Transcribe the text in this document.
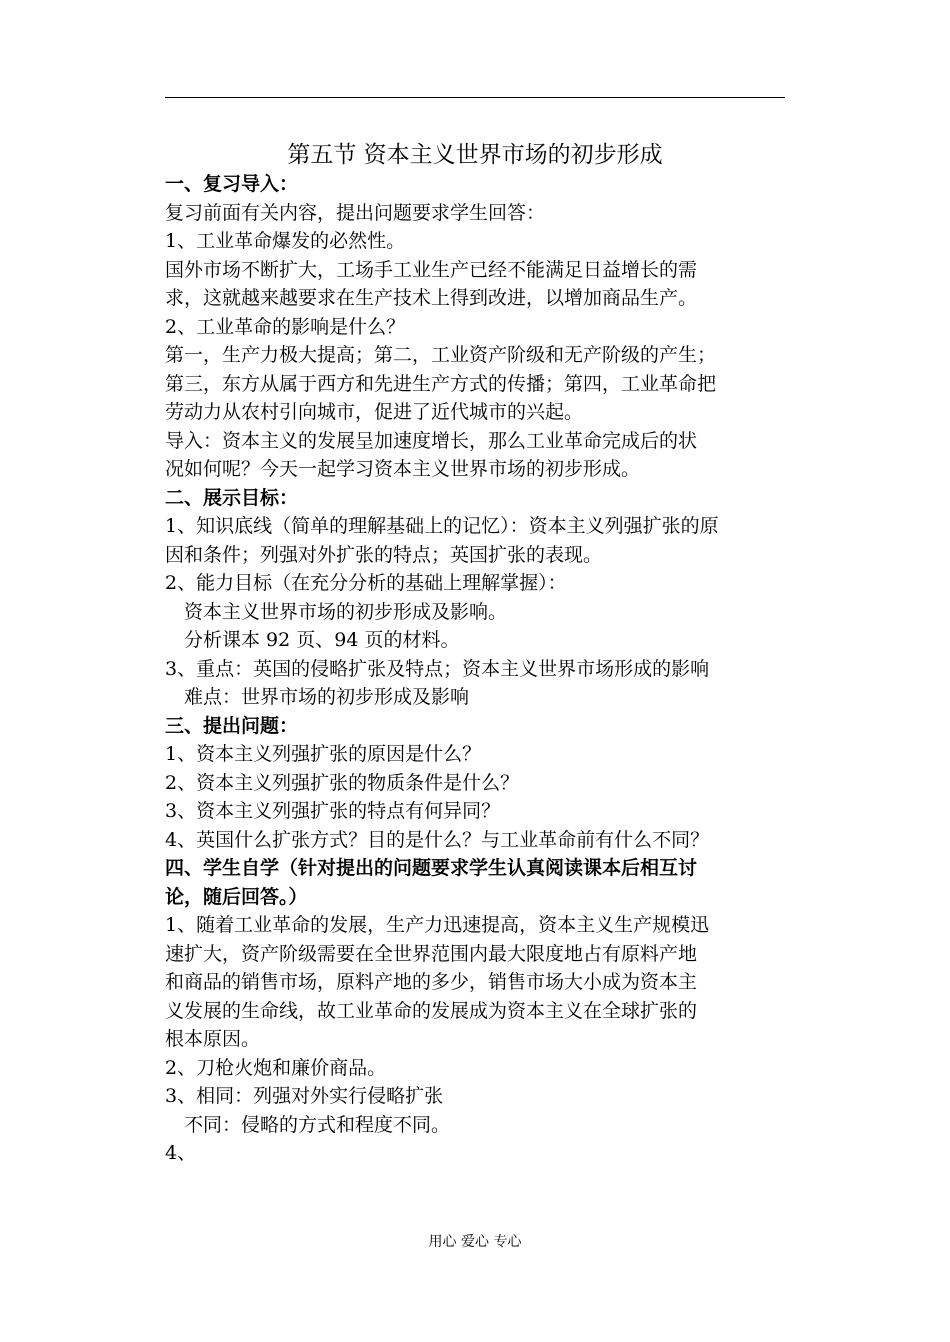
第五节 资本主义世界市场的初步形成

一、复习导入：

复习前面有关内容，提出问题要求学生回答：

1、工业革命爆发的必然性。

国外市场不断扩大，工场手工业生产已经不能满足日益增长的需

求，这就越来越要求在生产技术上得到改进，以增加商品生产。

2、工业革命的影响是什么？

第一，生产力极大提高；第二，工业资产阶级和无产阶级的产生；

第三，东方从属于西方和先进生产方式的传播；第四，工业革命把

劳动力从农村引向城市，促进了近代城市的兴起。

导入：资本主义的发展呈加速度增长，那么工业革命完成后的状

况如何呢？今天一起学习资本主义世界市场的初步形成。

二、展示目标：

1、知识底线（简单的理解基础上的记忆）：资本主义列强扩张的原

因和条件；列强对外扩张的特点；英国扩张的表现。

2、能力目标（在充分分析的基础上理解掌握）：

资本主义世界市场的初步形成及影响。

分析课本 92 页、94 页的材料。

3、重点：英国的侵略扩张及特点；资本主义世界市场形成的影响

难点：世界市场的初步形成及影响

三、提出问题：

1、资本主义列强扩张的原因是什么？

2、资本主义列强扩张的物质条件是什么？

3、资本主义列强扩张的特点有何异同？

4、英国什么扩张方式？目的是什么？与工业革命前有什么不同？

四、学生自学（针对提出的问题要求学生认真阅读课本后相互讨

论，随后回答。）

1、随着工业革命的发展，生产力迅速提高，资本主义生产规模迅

速扩大，资产阶级需要在全世界范围内最大限度地占有原料产地

和商品的销售市场，原料产地的多少，销售市场大小成为资本主

义发展的生命线，故工业革命的发展成为资本主义在全球扩张的

根本原因。

2、刀枪火炮和廉价商品。

3、相同：列强对外实行侵略扩张

不同：侵略的方式和程度不同。

4、

用心 爱心 专心
